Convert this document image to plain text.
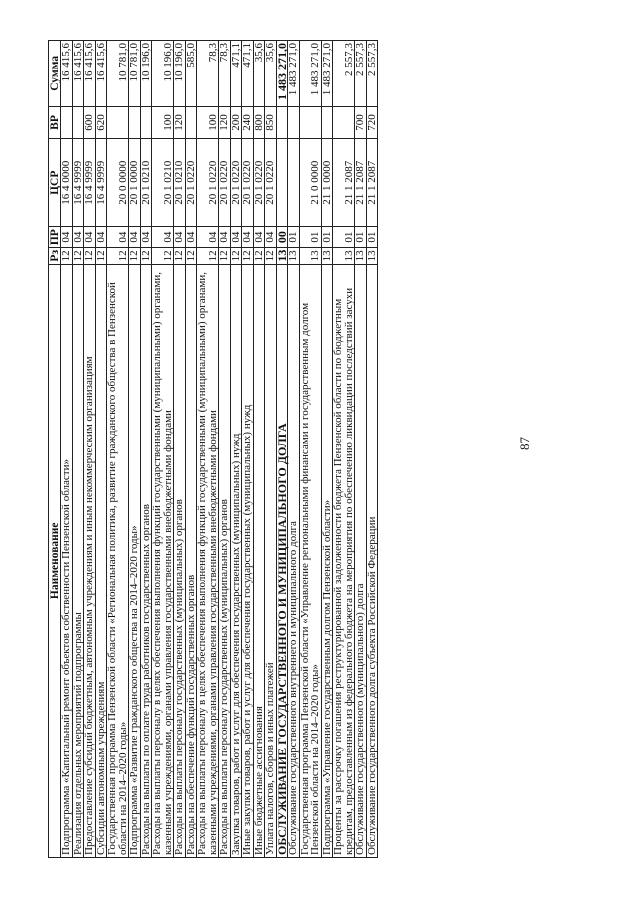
87
Наименование	Рз	ПР	ЦСР	ВР	Сумма
Подпрограмма «Капитальный ремонт объектов собственности Пензенской области»	12	04	16 4 0000		16 415,6
Реализация отдельных мероприятий подпрограммы	12	04	16 4 9999		16 415,6
Предоставление субсидий бюджетным, автономным учреждениям и иным некоммерческим организациям	12	04	16 4 9999	600	16 415,6
Субсидии автономным учреждениям	12	04	16 4 9999	620	16 415,6
Государственная программа Пензенской области «Региональная политика, развитие гражданского общества в Пензенской области на 2014–2020 годы»	12	04	20 0 0000		10 781,0
Подпрограмма «Развитие гражданского общества на 2014–2020 годы»	12	04	20 1 0000		10 781,0
Расходы на выплаты по оплате труда работников государственных органов	12	04	20 1 0210		10 196,0
Расходы на выплаты персоналу в целях обеспечения выполнения функций государственными (муниципальными) органами, казенными учреждениями, органами управления государственными внебюджетными фондами	12	04	20 1 0210	100	10 196,0
Расходы на выплаты персоналу государственных (муниципальных) органов	12	04	20 1 0210	120	10 196,0
Расходы на обеспечение функций государственных органов	12	04	20 1 0220		585,0
Расходы на выплаты персоналу в целях обеспечения выполнения функций государственными (муниципальными) органами, казенными учреждениями, органами управления государственными внебюджетными фондами	12	04	20 1 0220	100	78,3
Расходы на выплаты персоналу государственных (муниципальных) органов	12	04	20 1 0220	120	78,3
Закупка товаров, работ и услуг для обеспечения государственных (муниципальных) нужд	12	04	20 1 0220	200	471,1
Иные закупки товаров, работ и услуг для обеспечения государственных (муниципальных) нужд	12	04	20 1 0220	240	471,1
Иные бюджетные ассигнования	12	04	20 1 0220	800	35,6
Уплата налогов, сборов и иных платежей	12	04	20 1 0220	850	35,6
ОБСЛУЖИВАНИЕ ГОСУДАРСТВЕННОГО И МУНИЦИПАЛЬНОГО ДОЛГА	13	00			1 483 271,0
Обслуживание государственного внутреннего и муниципального долга	13	01			1 483 271,0
Государственная программа Пензенской области «Управление региональными финансами и государственным долгом Пензенской области на 2014–2020 годы»	13	01	21 0 0000		1 483 271,0
Подпрограмма «Управление государственным долгом Пензенской области»	13	01	21 1 0000		1 483 271,0
Проценты за рассрочку погашения реструктурированной задолженности бюджета Пензенской области по бюджетным кредитам, предоставленным из федерального бюджета на мероприятия по обеспечению ликвидации последствий засухи	13	01	21 1 2087		2 557,3
Обслуживание государственного (муниципального) долга	13	01	21 1 2087	700	2 557,3
Обслуживание государственного долга субъекта Российской Федерации	13	01	21 1 2087	720	2 557,3
